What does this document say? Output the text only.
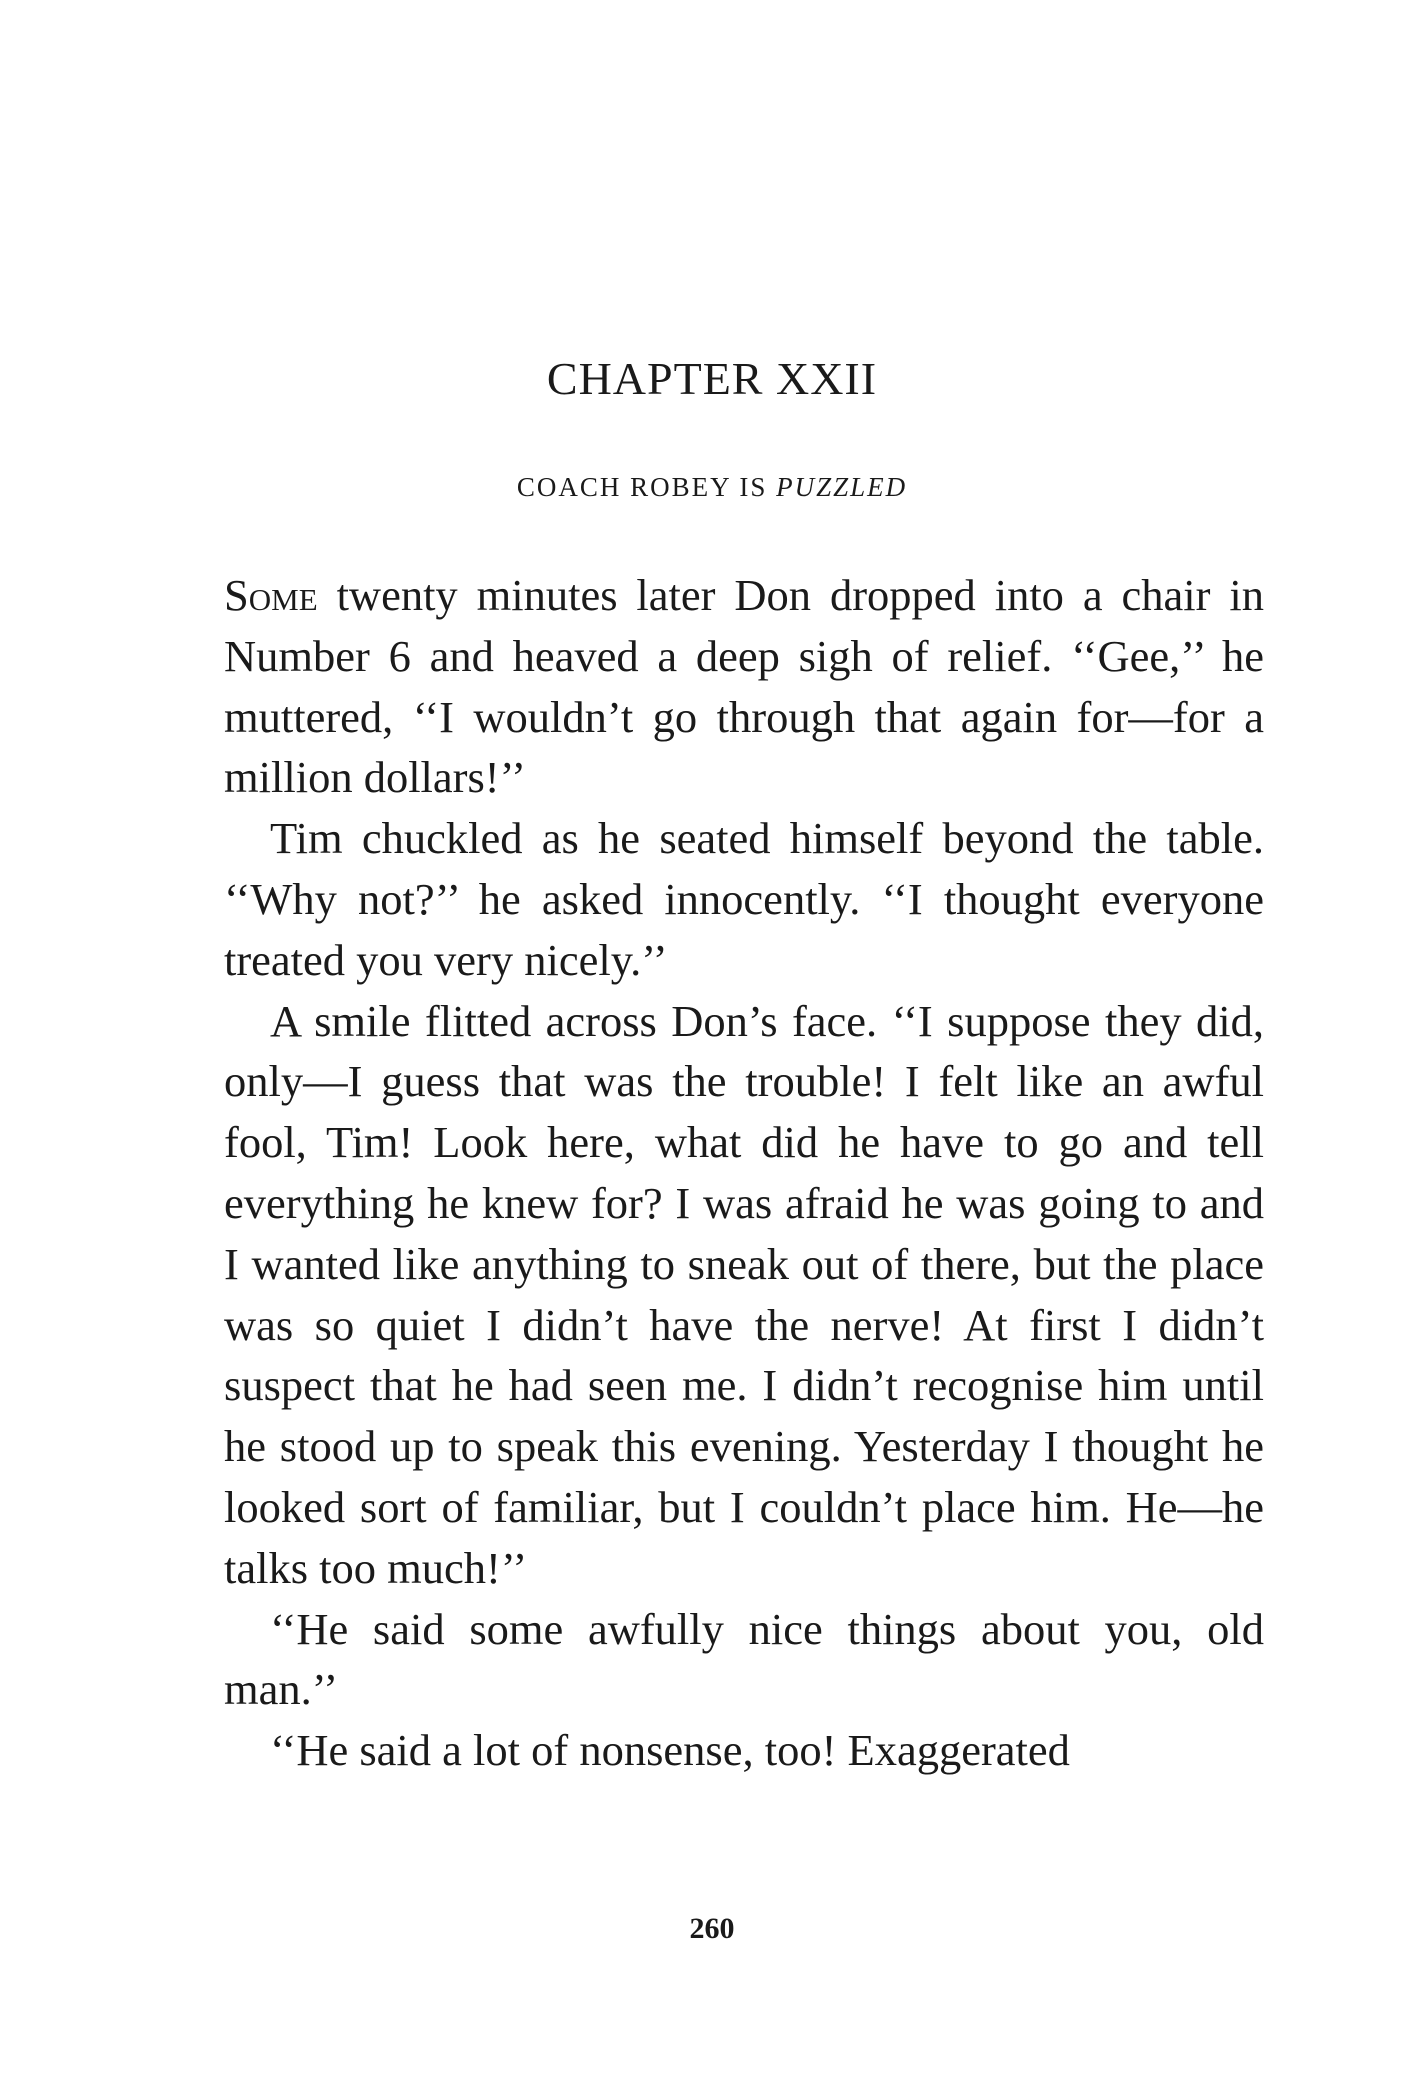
CHAPTER XXII
COACH ROBEY IS PUZZLED

Some twenty minutes later Don dropped into a chair in Number 6 and heaved a deep sigh of relief. ‘‘Gee,’’ he muttered, ‘‘I wouldn’t go through that again for—for a million dollars!’’

Tim chuckled as he seated himself beyond the table. ‘‘Why not?’’ he asked innocently. ‘‘I thought everyone treated you very nicely.’’

A smile flitted across Don’s face. ‘‘I suppose they did, only—I guess that was the trouble! I felt like an awful fool, Tim! Look here, what did he have to go and tell everything he knew for? I was afraid he was going to and I wanted like anything to sneak out of there, but the place was so quiet I didn’t have the nerve! At first I didn’t suspect that he had seen me. I didn’t recognise him until he stood up to speak this evening. Yesterday I thought he looked sort of familiar, but I couldn’t place him. He—he talks too much!’’

‘‘He said some awfully nice things about you, old man.’’

‘‘He said a lot of nonsense, too! Exaggerated

260
